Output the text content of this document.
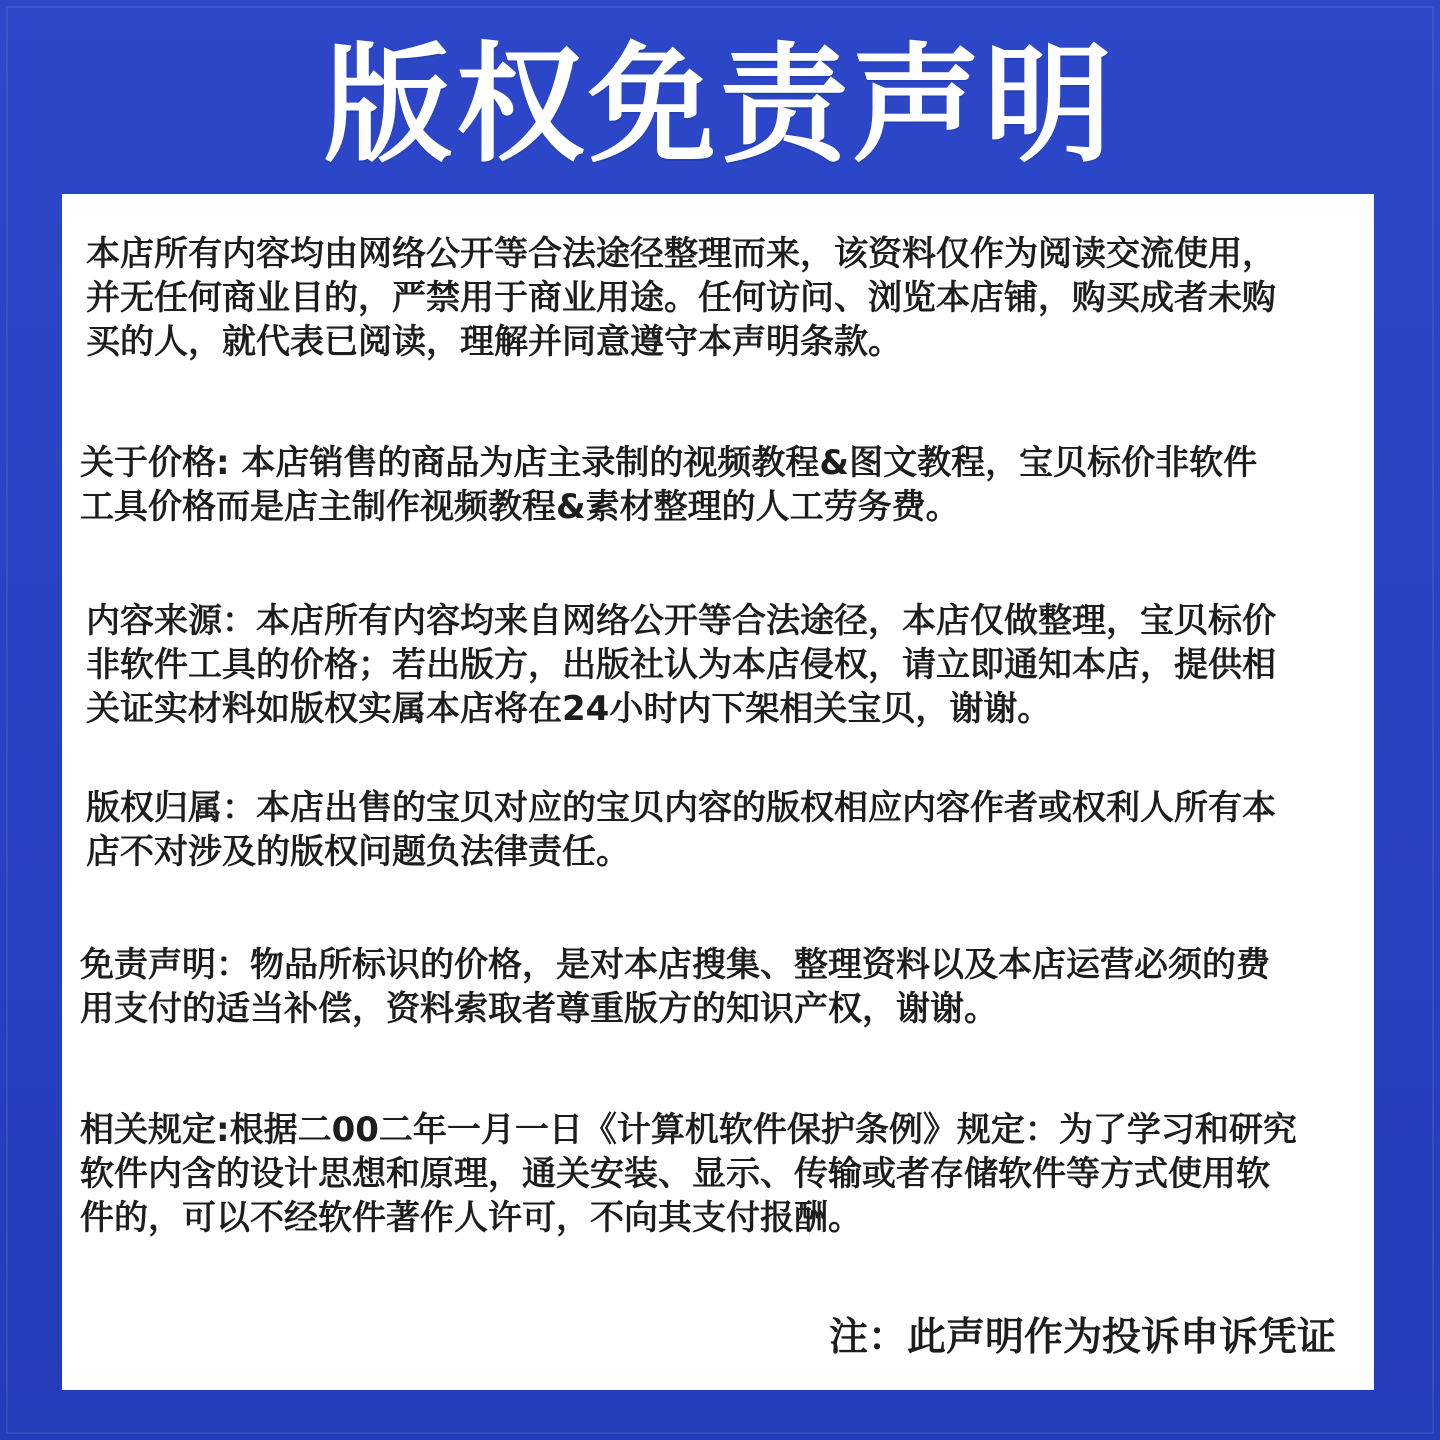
版权免责声明
本店所有内容均由网络公开等合法途径整理而来，该资料仅作为阅读交流使用，
并无任何商业目的，严禁用于商业用途。任何访问、浏览本店铺，购买成者未购
买的人，就代表已阅读，理解并同意遵守本声明条款。
关于价格: 本店销售的商品为店主录制的视频教程&图文教程，宝贝标价非软件
工具价格而是店主制作视频教程&素材整理的人工劳务费。
内容来源：本店所有内容均来自网络公开等合法途径，本店仅做整理，宝贝标价
非软件工具的价格；若出版方，出版社认为本店侵权，请立即通知本店，提供相
关证实材料如版权实属本店将在24小时内下架相关宝贝，谢谢。
版权归属：本店出售的宝贝对应的宝贝内容的版权相应内容作者或权利人所有本
店不对涉及的版权问题负法律责任。
免责声明：物品所标识的价格，是对本店搜集、整理资料以及本店运营必须的费
用支付的适当补偿，资料索取者尊重版方的知识产权，谢谢。
相关规定:根据二00二年一月一日《计算机软件保护条例》规定：为了学习和研究
软件内含的设计思想和原理，通关安装、显示、传输或者存储软件等方式使用软
件的，可以不经软件著作人许可，不向其支付报酬。
注：此声明作为投诉申诉凭证
